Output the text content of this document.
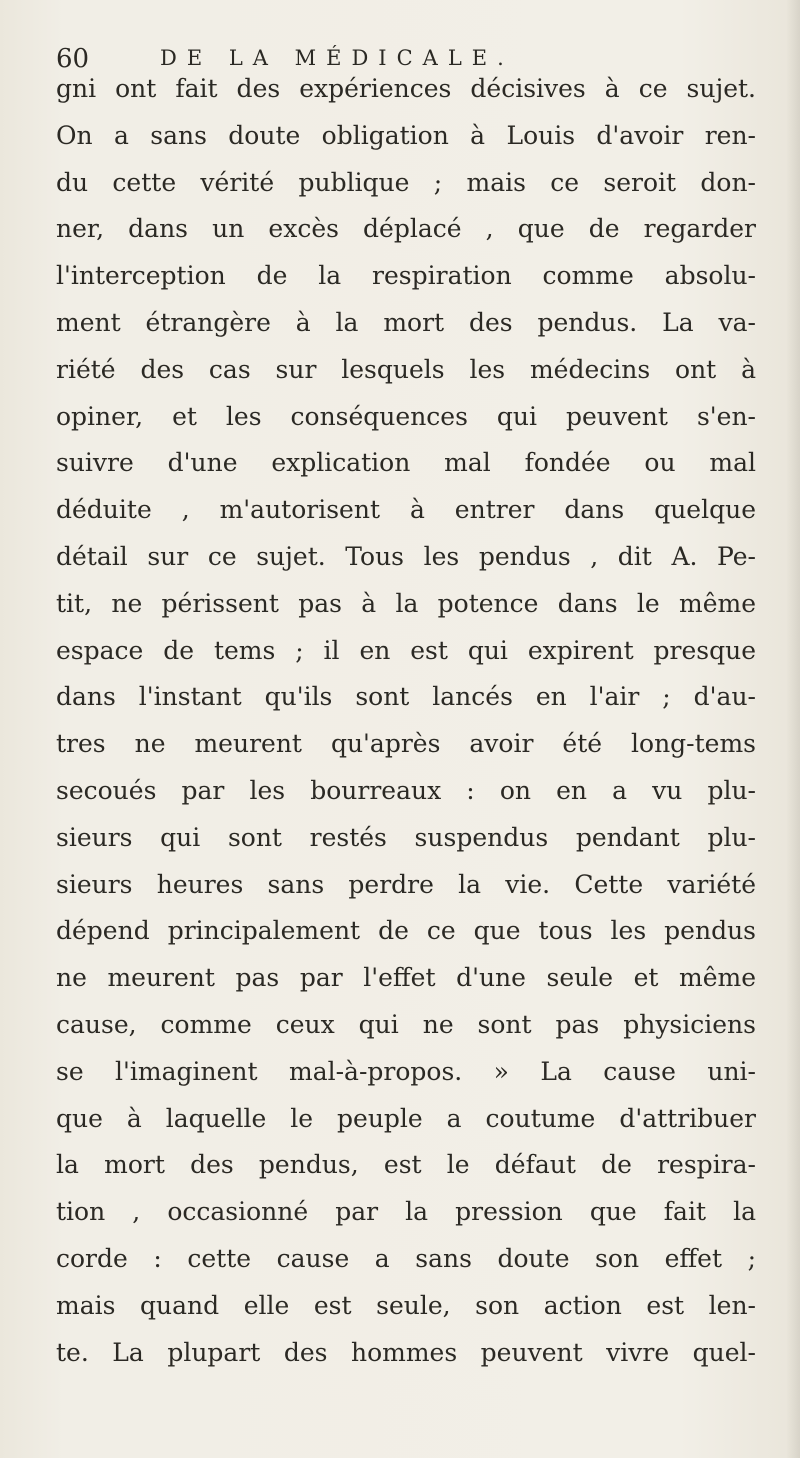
60	DE LA MÉDICALE.
gni ont fait des expériences décisives à ce sujet.
On a sans doute obligation à Louis d'avoir ren-
du cette vérité publique ; mais ce seroit don-
ner, dans un excès déplacé , que de regarder
l'interception de la respiration comme absolu-
ment étrangère à la mort des pendus. La va-
riété des cas sur lesquels les médecins ont à
opiner, et les conséquences qui peuvent s'en-
suivre d'une explication mal fondée ou mal
déduite , m'autorisent à entrer dans quelque
détail sur ce sujet. Tous les pendus , dit A. Pe-
tit, ne périssent pas à la potence dans le même
espace de tems ; il en est qui expirent presque
dans l'instant qu'ils sont lancés en l'air ; d'au-
tres ne meurent qu'après avoir été long-tems
secoués par les bourreaux : on en a vu plu-
sieurs qui sont restés suspendus pendant plu-
sieurs heures sans perdre la vie. Cette variété
dépend principalement de ce que tous les pendus
ne meurent pas par l'effet d'une seule et même
cause, comme ceux qui ne sont pas physiciens
se l'imaginent mal-à-propos. » La cause uni-
que à laquelle le peuple a coutume d'attribuer
la mort des pendus, est le défaut de respira-
tion , occasionné par la pression que fait la
corde : cette cause a sans doute son effet ;
mais quand elle est seule, son action est len-
te. La plupart des hommes peuvent vivre quel-
